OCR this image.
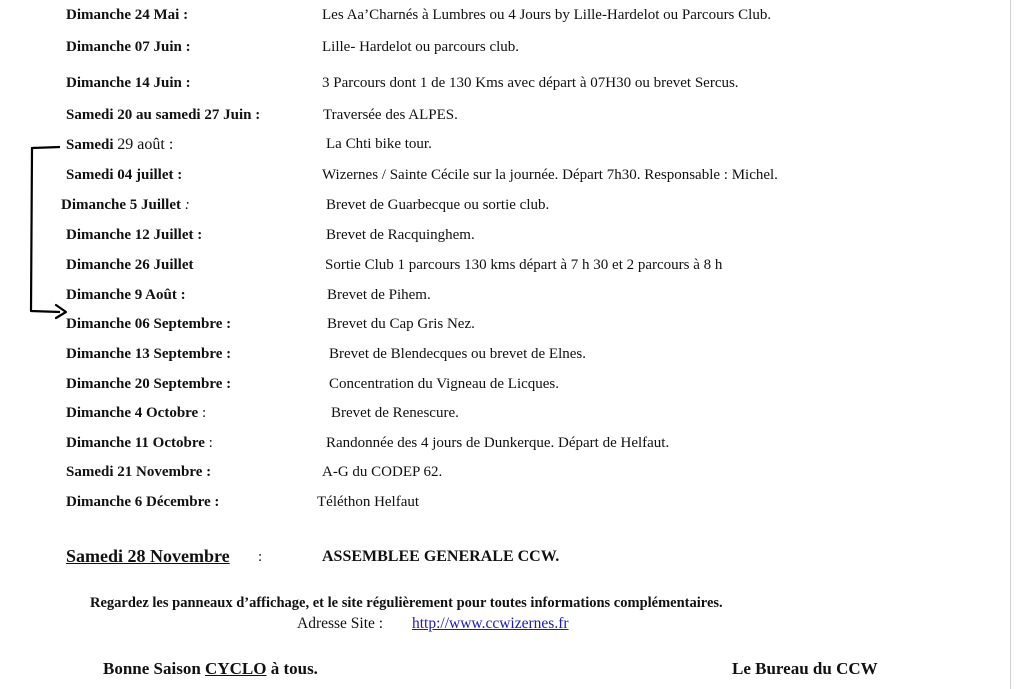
Dimanche 24 Mai :	Les Aa’Charnés à Lumbres ou 4 Jours by Lille-Hardelot ou Parcours Club.
Dimanche 07 Juin :	Lille- Hardelot ou parcours club.
Dimanche 14 Juin :	3 Parcours dont 1 de 130 Kms avec départ à 07H30 ou brevet Sercus.
Samedi 20 au samedi 27 Juin :	Traversée des ALPES.
Samedi 29 août :	La Chti bike tour.
Samedi 04 juillet :	Wizernes / Sainte Cécile sur la journée. Départ 7h30. Responsable : Michel.
Dimanche 5 Juillet :	Brevet de Guarbecque ou sortie club.
Dimanche 12 Juillet :	Brevet de Racquinghem.
Dimanche 26 Juillet	Sortie Club 1 parcours 130 kms départ à 7 h 30 et 2 parcours à 8 h
Dimanche 9 Août :	Brevet de Pihem.
Dimanche 06 Septembre :	Brevet du Cap Gris Nez.
Dimanche 13 Septembre :	Brevet de Blendecques ou brevet de Elnes.
Dimanche 20 Septembre :	Concentration du Vigneau de Licques.
Dimanche 4 Octobre :	Brevet de Renescure.
Dimanche 11 Octobre :	Randonnée des 4 jours de Dunkerque. Départ de Helfaut.
Samedi 21 Novembre :	A-G du CODEP 62.
Dimanche 6 Décembre :	Téléthon Helfaut
Samedi 28 Novembre :	ASSEMBLEE GENERALE CCW.
Regardez les panneaux d’affichage, et le site régulièrement pour toutes informations complémentaires.
Adresse Site : http://www.ccwizernes.fr
Bonne Saison CYCLO à tous.	Le Bureau du CCW
